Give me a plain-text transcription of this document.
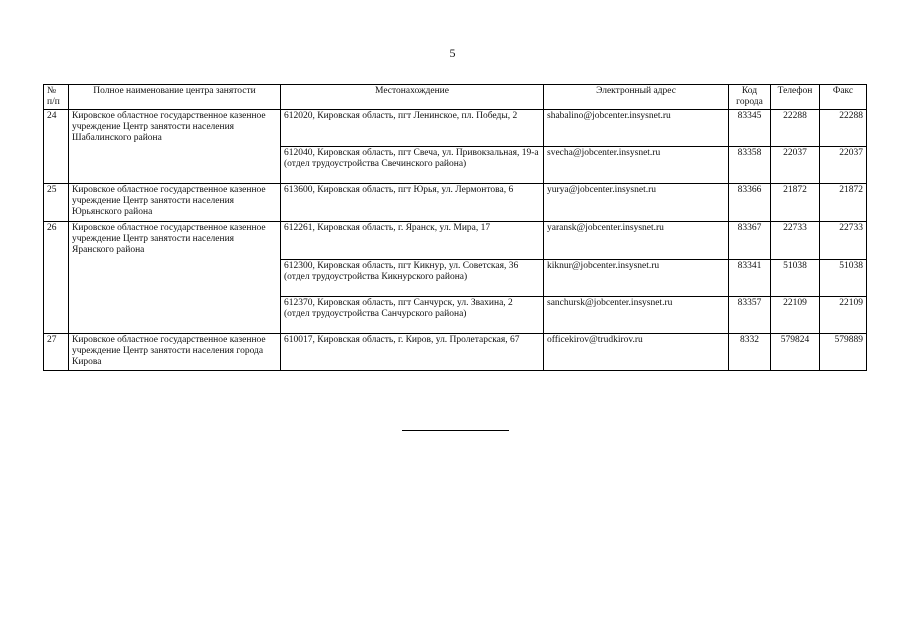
5
№ п/п	Полное наименование центра занятости	Местонахождение	Электронный адрес	Код города	Телефон	Факс
24	Кировское областное государственное казенное учреждение Центр занятости населения Шабалинского района	612020, Кировская область, пгт Ленинское, пл. Победы, 2	shabalino@jobcenter.insysnet.ru	83345	22288	22288
		612040, Кировская область, пгт Свеча, ул. Привокзальная, 19-а (отдел трудоустройства Свечинского района)	svecha@jobcenter.insysnet.ru	83358	22037	22037
25	Кировское областное государственное казенное учреждение Центр занятости населения Юрьянского района	613600, Кировская область, пгт Юрья, ул. Лермонтова, 6	yurya@jobcenter.insysnet.ru	83366	21872	21872
26	Кировское областное государственное казенное учреждение Центр занятости населения Яранского района	612261, Кировская область, г. Яранск, ул. Мира, 17	yaransk@jobcenter.insysnet.ru	83367	22733	22733
		612300, Кировская область, пгт Кикнур, ул. Советская, 36 (отдел трудоустройства Кикнурского района)	kiknur@jobcenter.insysnet.ru	83341	51038	51038
		612370, Кировская область, пгт Санчурск, ул. Звахина, 2 (отдел трудоустройства Санчурского района)	sanchursk@jobcenter.insysnet.ru	83357	22109	22109
27	Кировское областное государственное казенное учреждение Центр занятости населения города Кирова	610017, Кировская область, г. Киров, ул. Пролетарская, 67	officekirov@trudkirov.ru	8332	579824	579889
